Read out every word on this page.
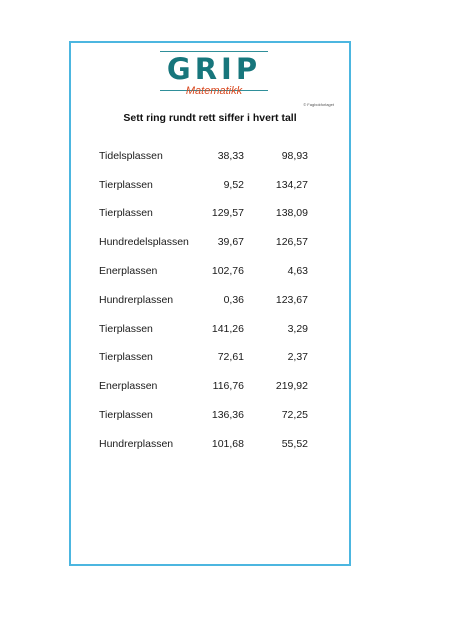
GRIP
Matematikk
© Fagbokforlaget
Sett ring rundt rett siffer i hvert tall
Tidelsplassen	38,33	98,93
Tierplassen	9,52	134,27
Tierplassen	129,57	138,09
Hundredelsplassen	39,67	126,57
Enerplassen	102,76	4,63
Hundrerplassen	0,36	123,67
Tierplassen	141,26	3,29
Tierplassen	72,61	2,37
Enerplassen	116,76	219,92
Tierplassen	136,36	72,25
Hundrerplassen	101,68	55,52
